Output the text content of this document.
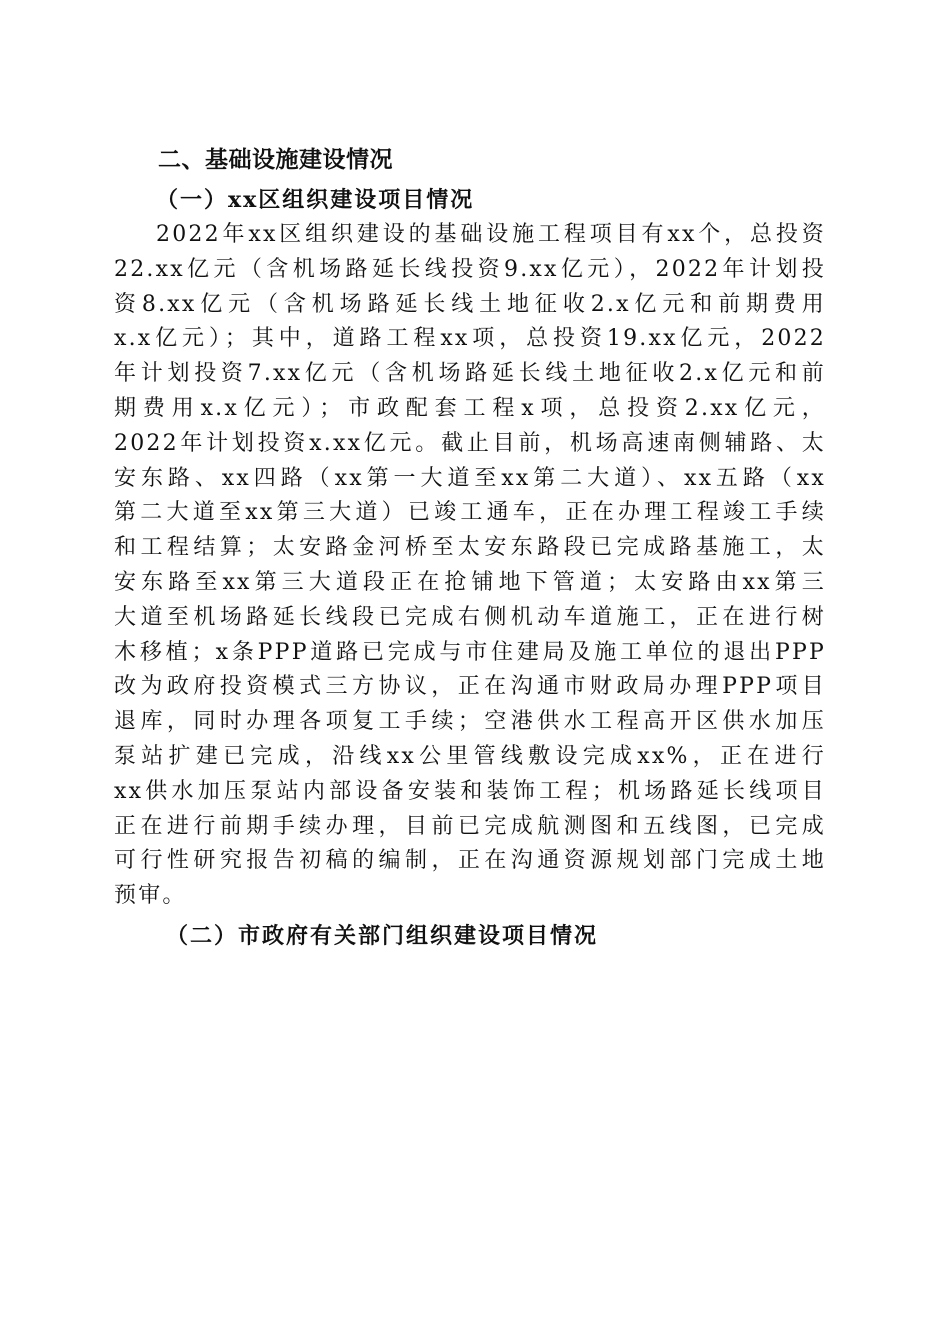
二、基础设施建设情况
（一）xx区组织建设项目情况
2022年xx区组织建设的基础设施工程项目有xx个，总投资
22.xx亿元（含机场路延长线投资9.xx亿元），2022年计划投
资8.xx亿元（含机场路延长线土地征收2.x亿元和前期费用
x.x亿元）；其中，道路工程xx项，总投资19.xx亿元，2022
年计划投资7.xx亿元（含机场路延长线土地征收2.x亿元和前
期费用x.x亿元）；市政配套工程x项，总投资2.xx亿元，
2022年计划投资x.xx亿元。截止目前，机场高速南侧辅路、太
安东路、xx四路（xx第一大道至xx第二大道）、xx五路（xx
第二大道至xx第三大道）已竣工通车，正在办理工程竣工手续
和工程结算；太安路金河桥至太安东路段已完成路基施工，太
安东路至xx第三大道段正在抢铺地下管道；太安路由xx第三
大道至机场路延长线段已完成右侧机动车道施工，正在进行树
木移植；x条PPP道路已完成与市住建局及施工单位的退出PPP
改为政府投资模式三方协议，正在沟通市财政局办理PPP项目
退库，同时办理各项复工手续；空港供水工程高开区供水加压
泵站扩建已完成，沿线xx公里管线敷设完成xx%，正在进行
xx供水加压泵站内部设备安装和装饰工程；机场路延长线项目
正在进行前期手续办理，目前已完成航测图和五线图，已完成
可行性研究报告初稿的编制，正在沟通资源规划部门完成土地
预审。
（二）市政府有关部门组织建设项目情况
